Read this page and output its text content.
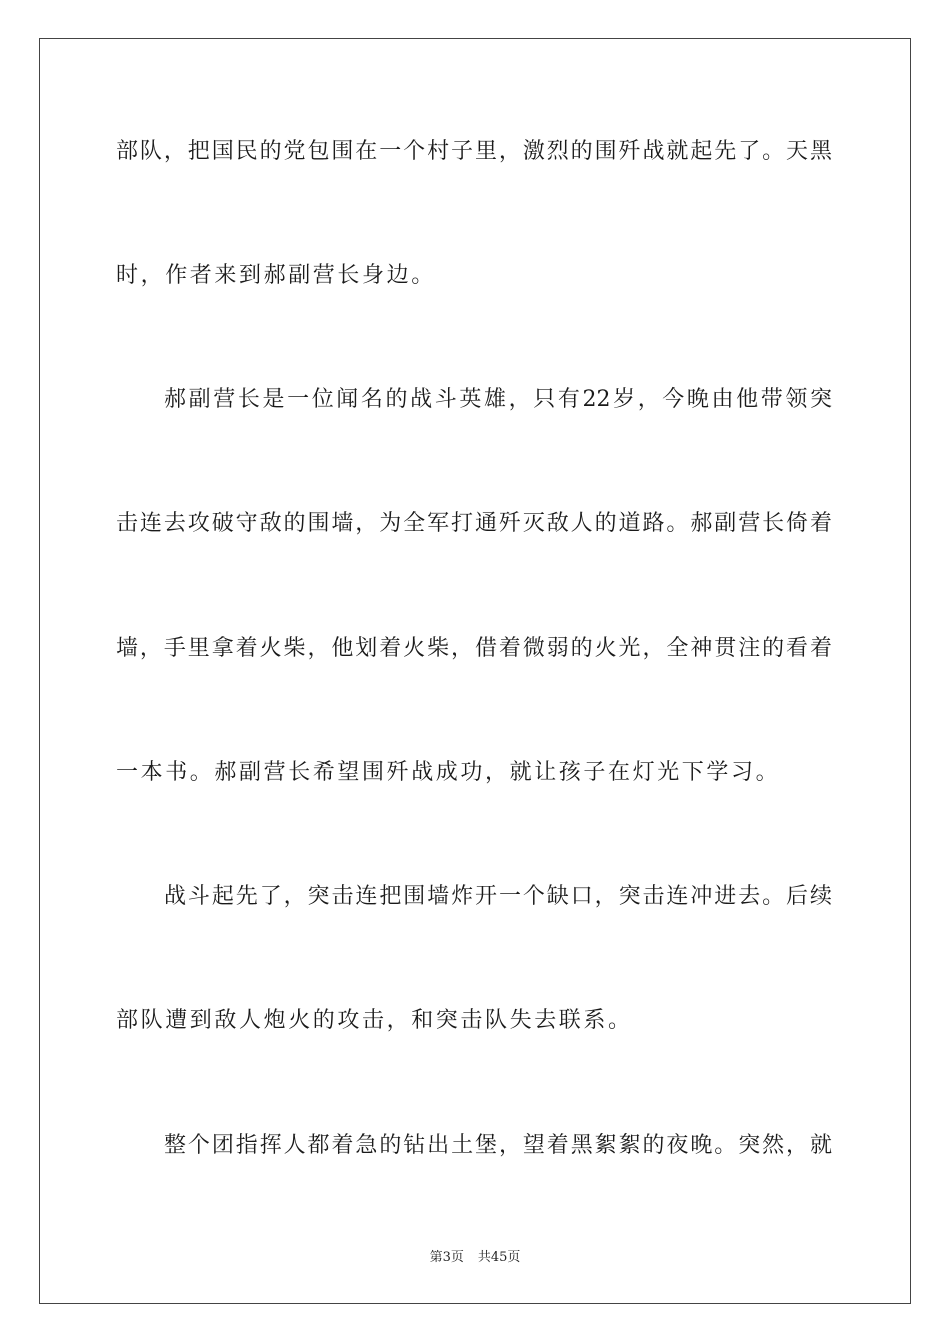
部队，把国民的党包围在一个村子里，激烈的围歼战就起先了。天黑
时，作者来到郝副营长身边。
郝副营长是一位闻名的战斗英雄，只有22岁，今晚由他带领突
击连去攻破守敌的围墙，为全军打通歼灭敌人的道路。郝副营长倚着
墙，手里拿着火柴，他划着火柴，借着微弱的火光，全神贯注的看着
一本书。郝副营长希望围歼战成功，就让孩子在灯光下学习。
战斗起先了，突击连把围墙炸开一个缺口，突击连冲进去。后续
部队遭到敌人炮火的攻击，和突击队失去联系。
整个团指挥人都着急的钻出土堡，望着黑絮絮的夜晚。突然，就
第3页 共45页
